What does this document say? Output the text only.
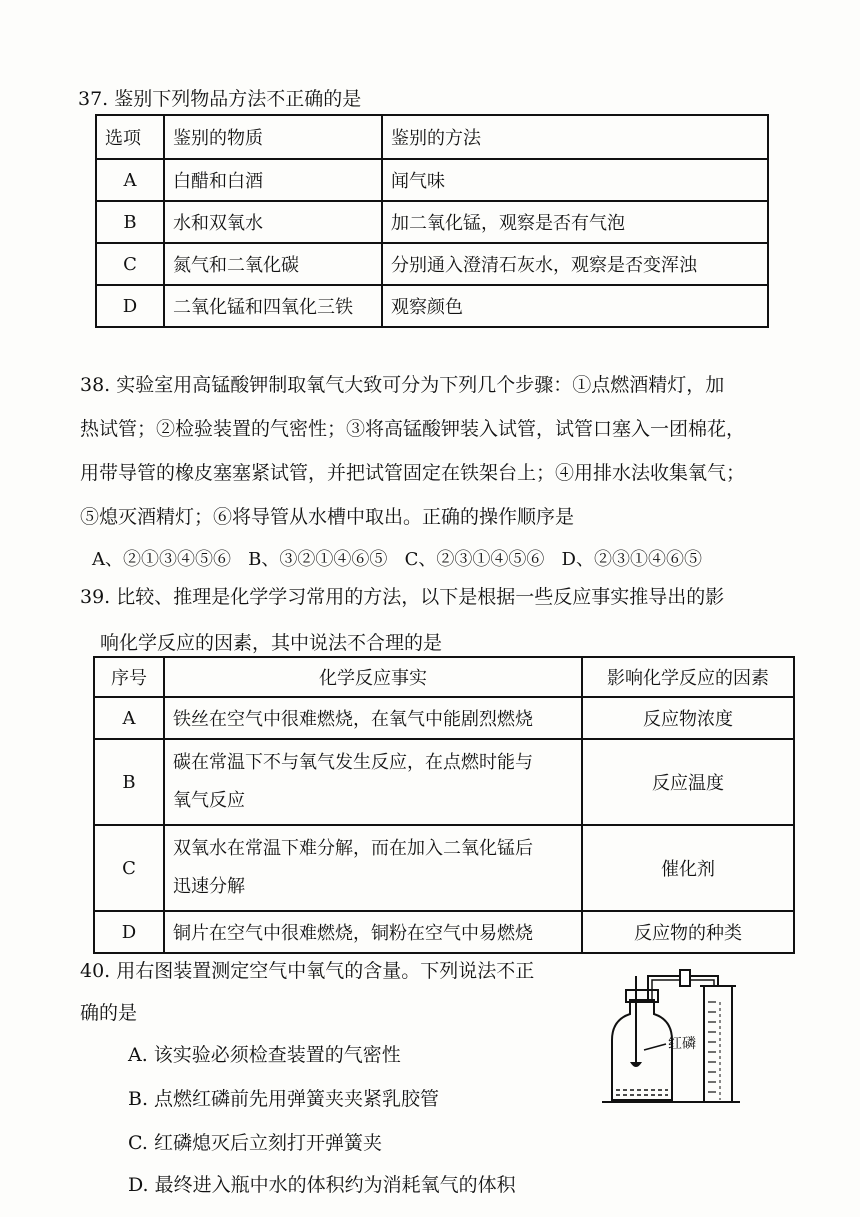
37. 鉴别下列物品方法不正确的是
选项	鉴别的物质	鉴别的方法
A	白醋和白酒	闻气味
B	水和双氧水	加二氧化锰，观察是否有气泡
C	氮气和二氧化碳	分别通入澄清石灰水，观察是否变浑浊
D	二氧化锰和四氧化三铁	观察颜色
38. 实验室用高锰酸钾制取氧气大致可分为下列几个步骤：①点燃酒精灯，加
热试管；②检验装置的气密性；③将高锰酸钾装入试管，试管口塞入一团棉花，
用带导管的橡皮塞塞紧试管，并把试管固定在铁架台上；④用排水法收集氧气；
⑤熄灭酒精灯；⑥将导管从水槽中取出。正确的操作顺序是
A、②①③④⑤⑥ B、③②①④⑥⑤ C、②③①④⑤⑥ D、②③①④⑥⑤
39. 比较、推理是化学学习常用的方法，以下是根据一些反应事实推导出的影
响化学反应的因素，其中说法不合理的是
序号	化学反应事实	影响化学反应的因素
A	铁丝在空气中很难燃烧，在氧气中能剧烈燃烧	反应物浓度
B	碳在常温下不与氧气发生反应，在点燃时能与
氧气反应	反应温度
C	双氧水在常温下难分解，而在加入二氧化锰后
迅速分解	催化剂
D	铜片在空气中很难燃烧，铜粉在空气中易燃烧	反应物的种类
40. 用右图装置测定空气中氧气的含量。下列说法不正
确的是
A. 该实验必须检查装置的气密性
B. 点燃红磷前先用弹簧夹夹紧乳胶管
C. 红磷熄灭后立刻打开弹簧夹
D. 最终进入瓶中水的体积约为消耗氧气的体积
红磷
